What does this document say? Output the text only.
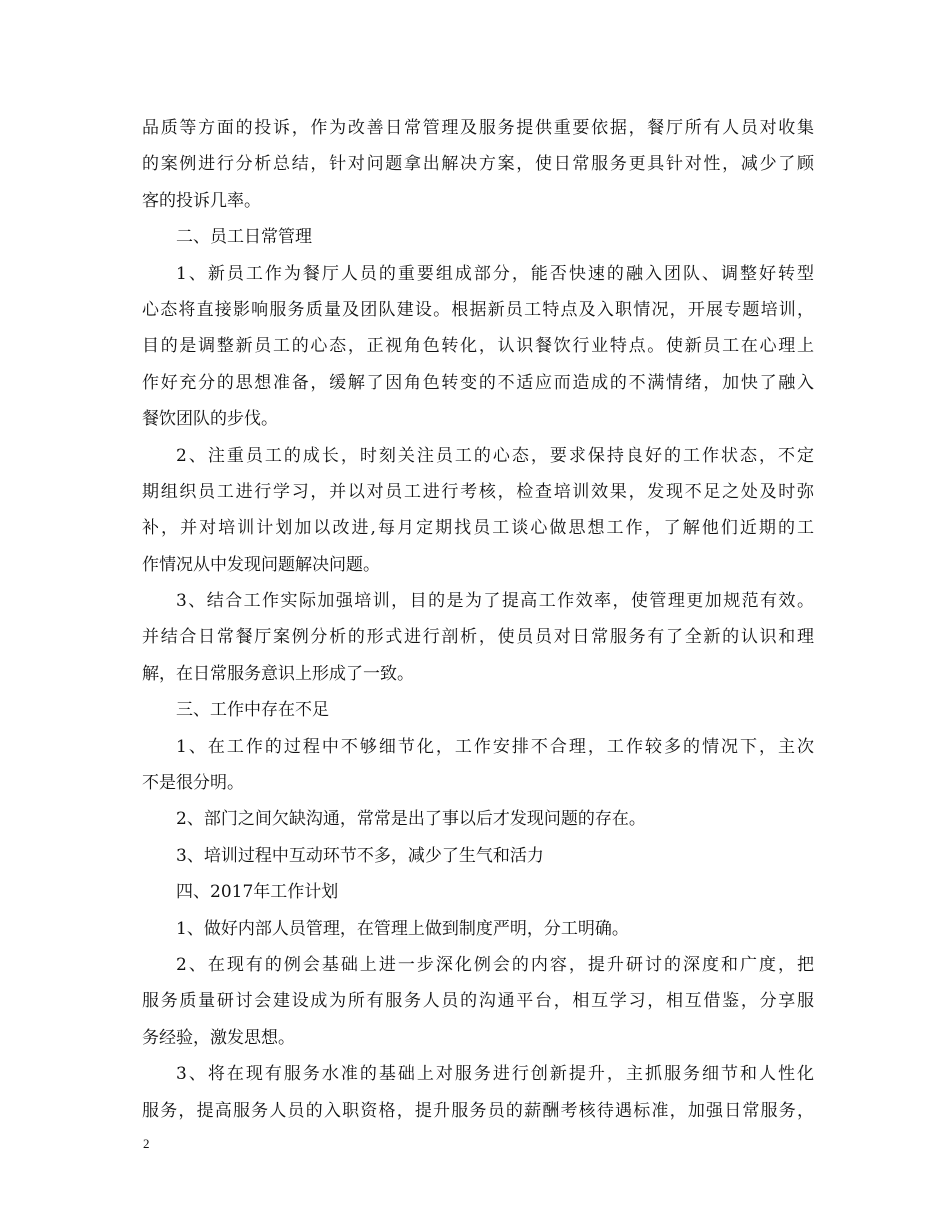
品质等方面的投诉，作为改善日常管理及服务提供重要依据，餐厅所有人员对收集
的案例进行分析总结，针对问题拿出解决方案，使日常服务更具针对性，减少了顾
客的投诉几率。
二、员工日常管理
1、新员工作为餐厅人员的重要组成部分，能否快速的融入团队、调整好转型
心态将直接影响服务质量及团队建设。根据新员工特点及入职情况，开展专题培训，
目的是调整新员工的心态，正视角色转化，认识餐饮行业特点。使新员工在心理上
作好充分的思想准备，缓解了因角色转变的不适应而造成的不满情绪，加快了融入
餐饮团队的步伐。
2、注重员工的成长，时刻关注员工的心态，要求保持良好的工作状态，不定
期组织员工进行学习，并以对员工进行考核，检查培训效果，发现不足之处及时弥
补，并对培训计划加以改进,每月定期找员工谈心做思想工作，了解他们近期的工
作情况从中发现问题解决问题。
3、结合工作实际加强培训，目的是为了提高工作效率，使管理更加规范有效。
并结合日常餐厅案例分析的形式进行剖析，使员员对日常服务有了全新的认识和理
解，在日常服务意识上形成了一致。
三、工作中存在不足
1、在工作的过程中不够细节化，工作安排不合理，工作较多的情况下，主次
不是很分明。
2、部门之间欠缺沟通，常常是出了事以后才发现问题的存在。
3、培训过程中互动环节不多，减少了生气和活力
四、2017年工作计划
1、做好内部人员管理，在管理上做到制度严明，分工明确。
2、在现有的例会基础上进一步深化例会的内容，提升研讨的深度和广度，把
服务质量研讨会建设成为所有服务人员的沟通平台，相互学习，相互借鉴，分享服
务经验，激发思想。
3、将在现有服务水准的基础上对服务进行创新提升，主抓服务细节和人性化
服务，提高服务人员的入职资格，提升服务员的薪酬考核待遇标准，加强日常服务，
2
